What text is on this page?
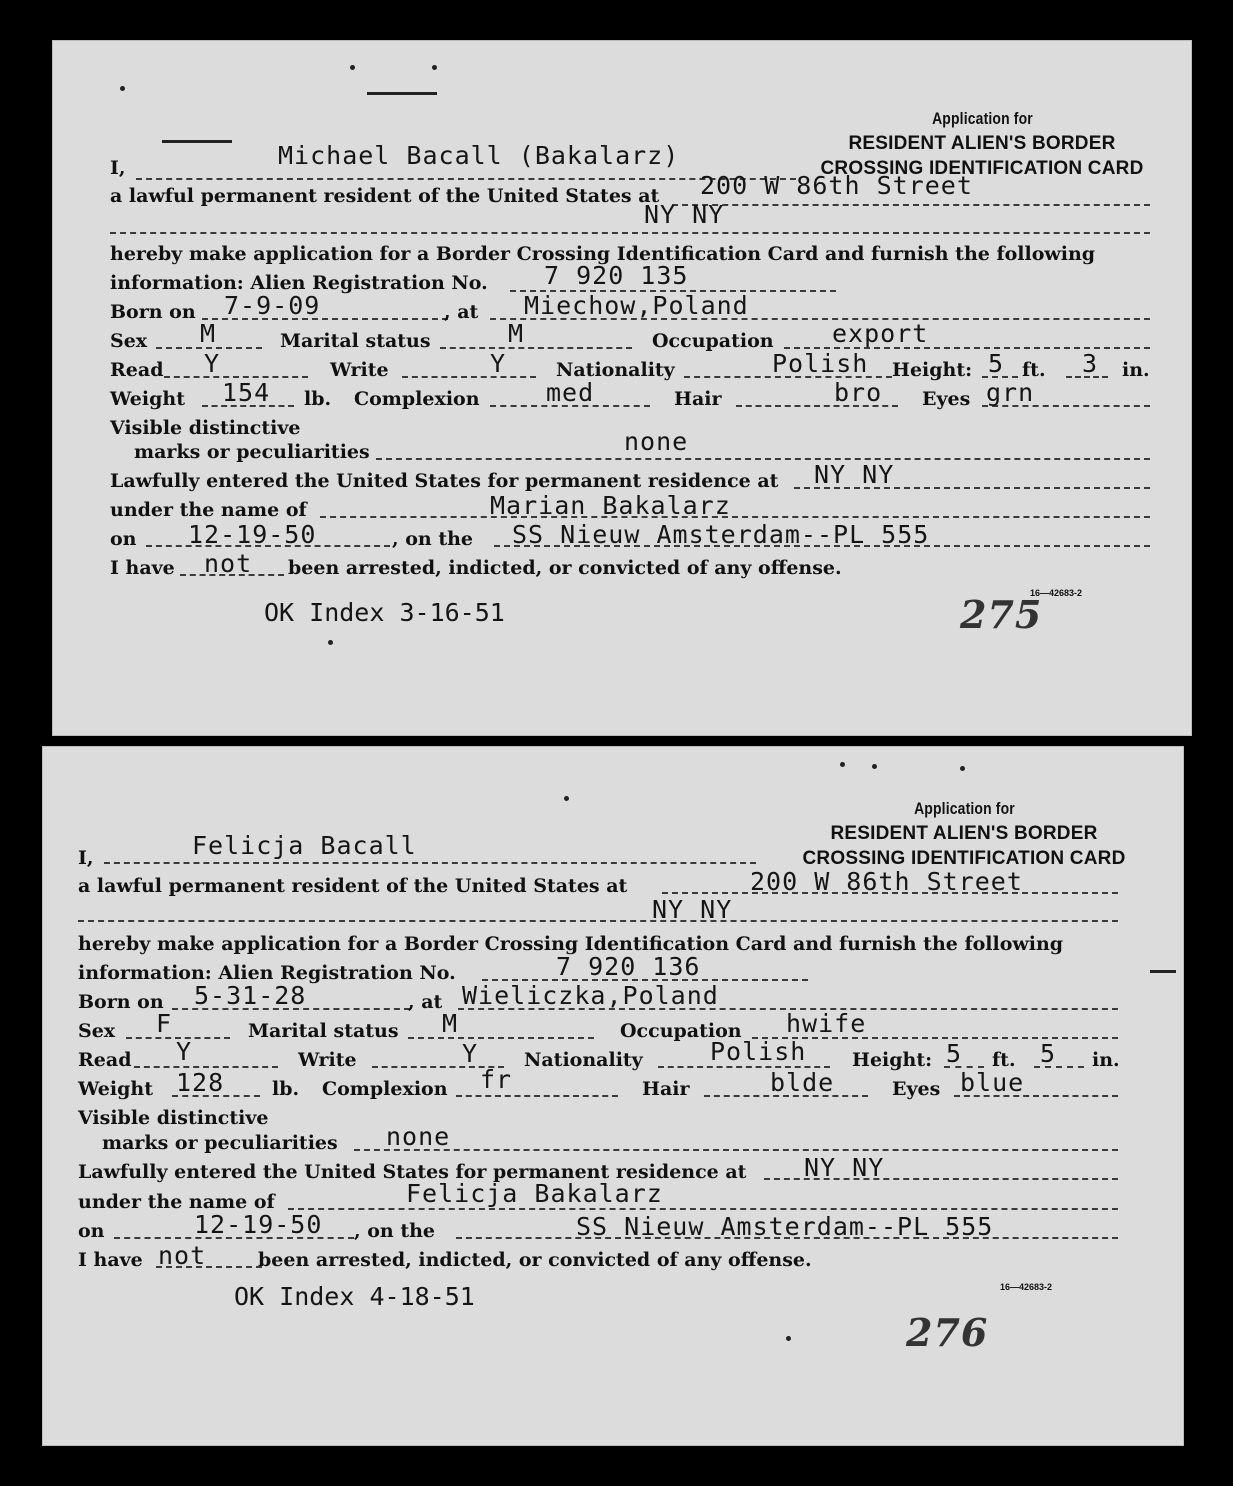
Application for
RESIDENT ALIEN'S BORDER
CROSSING IDENTIFICATION CARD
I,	Michael Bacall (Bakalarz)
a lawful permanent resident of the United States at 200 W 86th Street
NY NY
hereby make application for a Border Crossing Identification Card and furnish the following
information: Alien Registration No. 7 920 135
Born on 7-9-09	, at Miechow,Poland
Sex M	Marital status	M	Occupation export
Read Y	Write	Y	Nationality	Polish Height: 5 ft. 3 in.
Weight 154 lb. Complexion	med	Hair	bro Eyes grn
Visible distinctive
marks or peculiarities	none
Lawfully entered the United States for permanent residence at NY NY
under the name of	Marian Bakalarz
on 12-19-50	, on the SS Nieuw Amsterdam--PL 555
I have not been arrested, indicted, or convicted of any offense.
16—42683-2
OK Index 3-16-51	275
Application for
RESIDENT ALIEN'S BORDER
CROSSING IDENTIFICATION CARD
I,	Felicja Bacall
a lawful permanent resident of the United States at	200 W 86th Street
NY NY
hereby make application for a Border Crossing Identification Card and furnish the following
information: Alien Registration No.	7 920 136
Born on 5-31-28	, at Wieliczka,Poland
Sex F	Marital status M	Occupation hwife
Read Y	Write	Y Nationality	Polish Height: 5 ft. 5 in.
Weight 128	lb. Complexion fr	Hair	blde	Eyes blue
Visible distinctive
marks or peculiarities none
Lawfully entered the United States for permanent residence at NY NY
under the name of	Felicja Bakalarz
on	12-19-50 , on the	SS Nieuw Amsterdam--PL 555
I have not	been arrested, indicted, or convicted of any offense.
16—42683-2
OK Index 4-18-51
276
